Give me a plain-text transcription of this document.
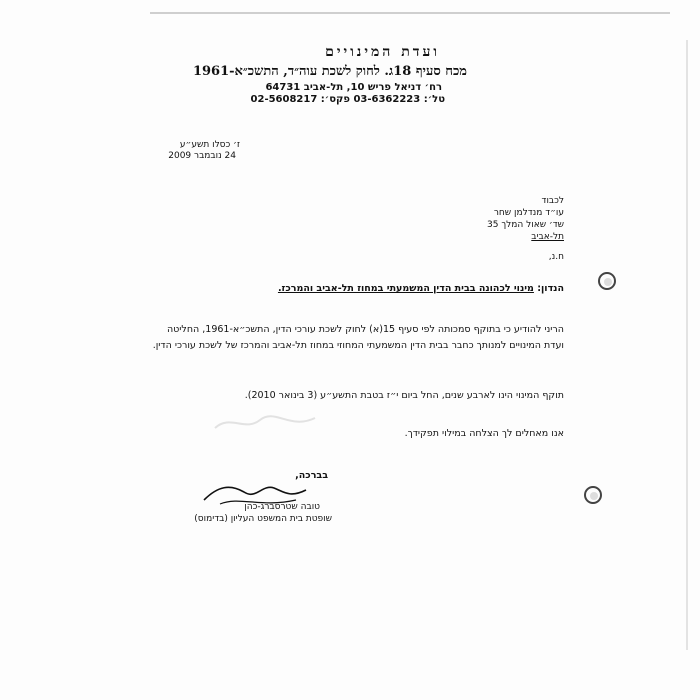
ועדת המינויים
מכח סעיף 18ג. לחוק לשכת עוה״ד, התשכ״א-1961
רח׳ דניאל פריש 10, תל-אביב 64731
טל׳: 03-6362223 פקס׳: 02-5608217
ז׳ כסלו תשע״ע
24 נובמבר 2009
לכבוד
עו״ד מנדלמן שחר
שד׳ שאול המלך 35
תל-אביב
ח.נ,
הנדון: מינוי לכהונה בבית הדין המשמעתי במחוז תל-אביב והמרכז.
הריני להודיע כי בתוקף סמכותה לפי סעיף 15(א) לחוק לשכת עורכי הדין, התשכ״א-1961, החליטה ועדת המינויים למנותך כחבר בבית הדין המשמעתי המחוזי במחוז תל-אביב והמרכז של לשכת עורכי הדין.
תוקף המינוי הינו לארבע שנים, החל ביום י״ז בטבת התשע״ע (3 בינואר 2010).
אנו מאחלים לך הצלחה במילוי תפקידך.
בברכה,
טובה שטרסברג-כהן
שופטת בית המשפט העליון (בדימוס)
